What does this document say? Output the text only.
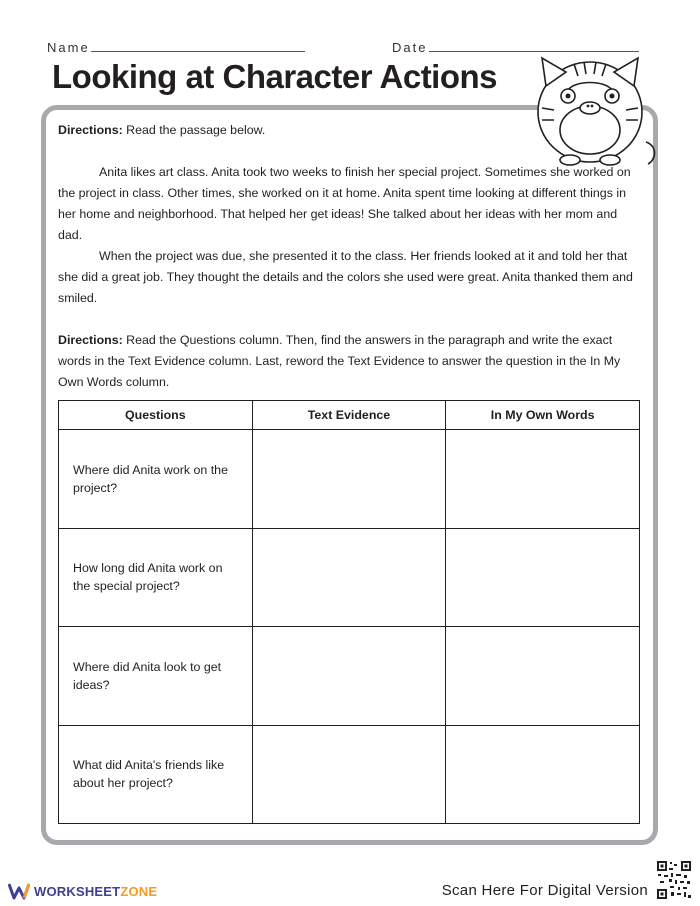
Name	Date
Looking at Character Actions

Directions: Read the passage below.

Anita likes art class. Anita took two weeks to finish her special project. Sometimes she worked on the project in class. Other times, she worked on it at home. Anita spent time looking at different things in her home and neighborhood. That helped her get ideas! She talked about her ideas with her mom and dad.

When the project was due, she presented it to the class. Her friends looked at it and told her that she did a great job. They thought the details and the colors she used were great. Anita thanked them and smiled.

Directions: Read the Questions column. Then, find the answers in the paragraph and write the exact words in the Text Evidence column. Last, reword the Text Evidence to answer the question in the In My Own Words column.

Questions	Text Evidence	In My Own Words
Where did Anita work on the project?		
How long did Anita work on the special project?		
Where did Anita look to get ideas?		
What did Anita's friends like about her project?		
WORKSHEETZONE	Scan Here For Digital Version
